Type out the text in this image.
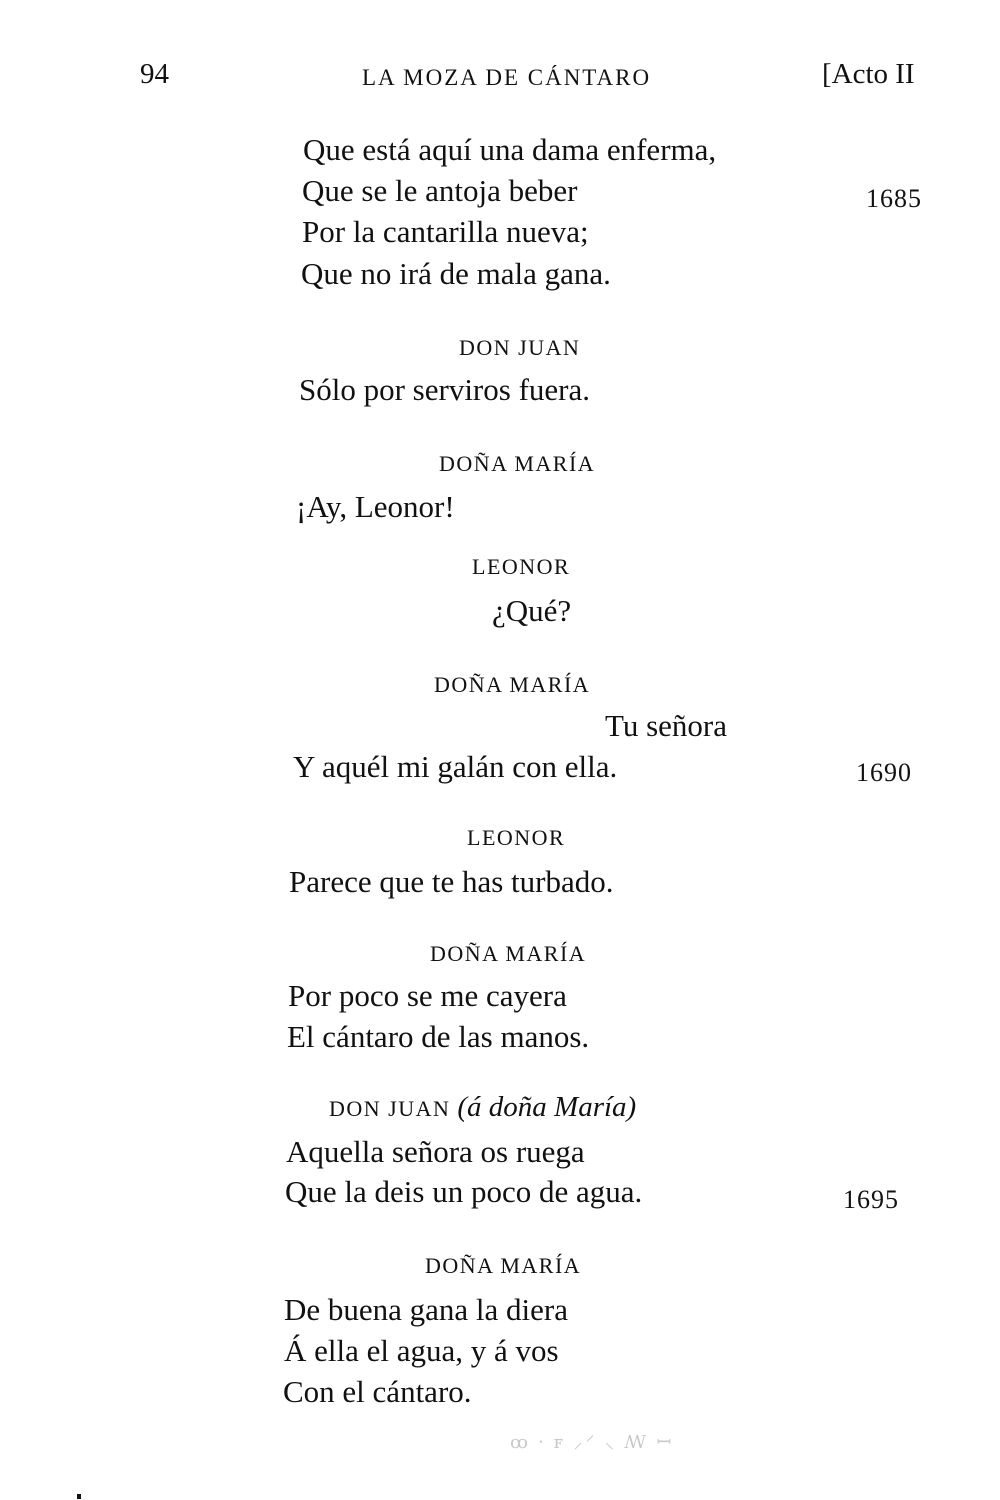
94	LA MOZA DE CÁNTARO	[Acto II
Que está aquí una dama enferma,
Que se le antoja beber	1685
Por la cantarilla nueva;
Que no irá de mala gana.
DON JUAN
Sólo por serviros fuera.
DOÑA MARÍA
¡Ay, Leonor!
LEONOR
¿Qué?
DOÑA MARÍA
Tu señora
Y aquél mi galán con ella.	1690
LEONOR
Parece que te has turbado.
DOÑA MARÍA
Por poco se me cayera
El cántaro de las manos.
DON JUAN (á doña María)
Aquella señora os ruega
Que la deis un poco de agua.	1695
DOÑA MARÍA
De buena gana la diera
Á ella el agua, y á vos
Con el cántaro.
ꝏ ⸱ ꜰ ⸝⸍ ⸜ ꟿ ꟷ
